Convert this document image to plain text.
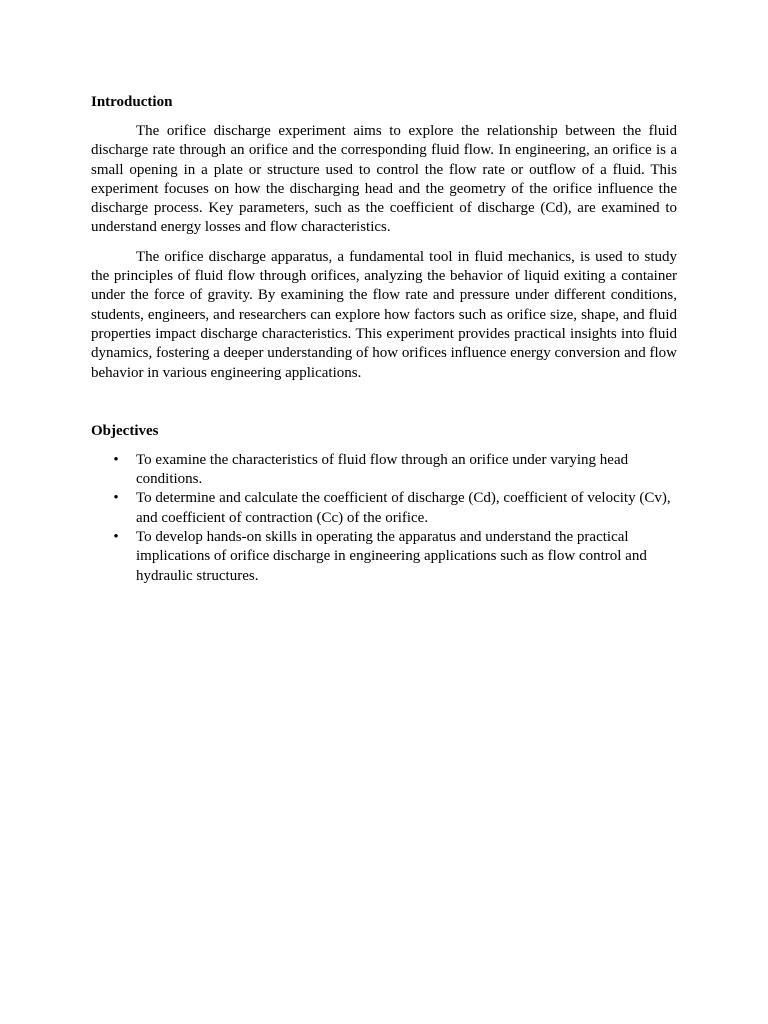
Introduction

The orifice discharge experiment aims to explore the relationship between the fluid discharge rate through an orifice and the corresponding fluid flow. In engineering, an orifice is a small opening in a plate or structure used to control the flow rate or outflow of a fluid. This experiment focuses on how the discharging head and the geometry of the orifice influence the discharge process. Key parameters, such as the coefficient of discharge (Cd), are examined to understand energy losses and flow characteristics.

The orifice discharge apparatus, a fundamental tool in fluid mechanics, is used to study the principles of fluid flow through orifices, analyzing the behavior of liquid exiting a container under the force of gravity. By examining the flow rate and pressure under different conditions, students, engineers, and researchers can explore how factors such as orifice size, shape, and fluid properties impact discharge characteristics. This experiment provides practical insights into fluid dynamics, fostering a deeper understanding of how orifices influence energy conversion and flow behavior in various engineering applications.

Objectives

• To examine the characteristics of fluid flow through an orifice under varying head conditions.
• To determine and calculate the coefficient of discharge (Cd), coefficient of velocity (Cv), and coefficient of contraction (Cc) of the orifice.
• To develop hands-on skills in operating the apparatus and understand the practical implications of orifice discharge in engineering applications such as flow control and hydraulic structures.
